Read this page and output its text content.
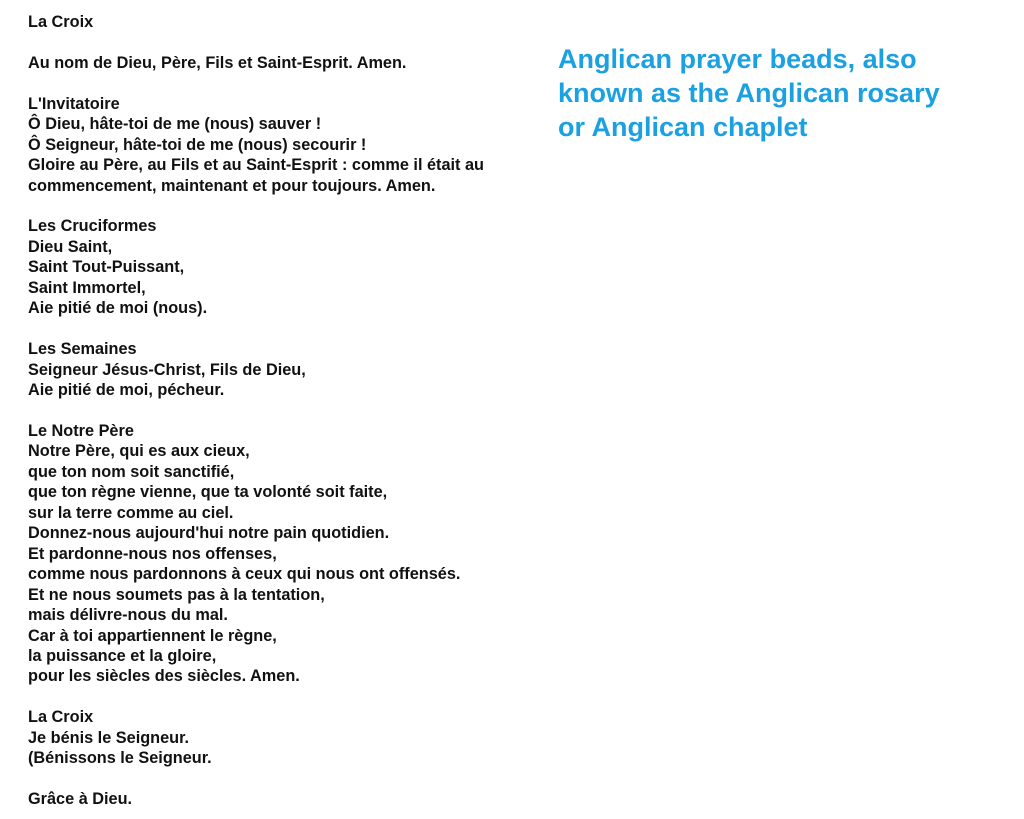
La Croix
Au nom de Dieu, Père, Fils et Saint-Esprit. Amen.
L'Invitatoire
Ô Dieu, hâte-toi de me (nous) sauver !
Ô Seigneur, hâte-toi de me (nous) secourir !
Gloire au Père, au Fils et au Saint-Esprit : comme il était au
commencement, maintenant et pour toujours. Amen.
Les Cruciformes
Dieu Saint,
Saint Tout-Puissant,
Saint Immortel,
Aie pitié de moi (nous).
Les Semaines
Seigneur Jésus-Christ, Fils de Dieu,
Aie pitié de moi, pécheur.
Le Notre Père
Notre Père, qui es aux cieux,
que ton nom soit sanctifié,
que ton règne vienne, que ta volonté soit faite,
sur la terre comme au ciel.
Donnez-nous aujourd'hui notre pain quotidien.
Et pardonne-nous nos offenses,
comme nous pardonnons à ceux qui nous ont offensés.
Et ne nous soumets pas à la tentation,
mais délivre-nous du mal.
Car à toi appartiennent le règne,
la puissance et la gloire,
pour les siècles des siècles. Amen.
La Croix
Je bénis le Seigneur.
(Bénissons le Seigneur.
Grâce à Dieu.
Anglican prayer beads, also
known as the Anglican rosary
or Anglican chaplet
